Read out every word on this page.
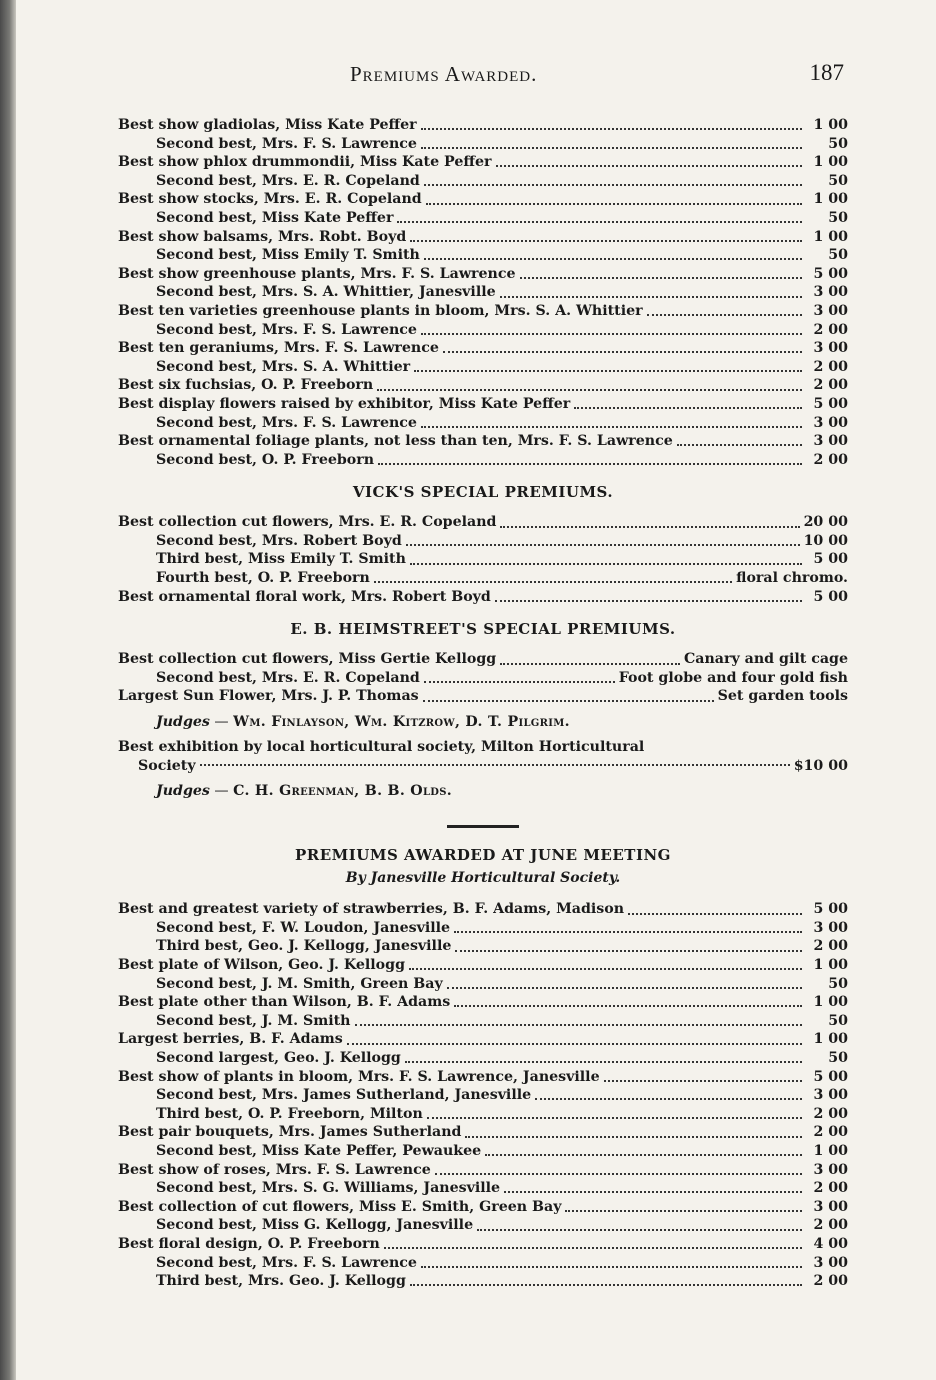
Premiums Awarded.	187
Best show gladiolas, Miss Kate Peffer	1 00
Second best, Mrs. F. S. Lawrence	50
Best show phlox drummondii, Miss Kate Peffer	1 00
Second best, Mrs. E. R. Copeland	50
Best show stocks, Mrs. E. R. Copeland	1 00
Second best, Miss Kate Peffer	50
Best show balsams, Mrs. Robt. Boyd	1 00
Second best, Miss Emily T. Smith	50
Best show greenhouse plants, Mrs. F. S. Lawrence	5 00
Second best, Mrs. S. A. Whittier, Janesville	3 00
Best ten varieties greenhouse plants in bloom, Mrs. S. A. Whittier	3 00
Second best, Mrs. F. S. Lawrence	2 00
Best ten geraniums, Mrs. F. S. Lawrence	3 00
Second best, Mrs. S. A. Whittier	2 00
Best six fuchsias, O. P. Freeborn	2 00
Best display flowers raised by exhibitor, Miss Kate Peffer	5 00
Second best, Mrs. F. S. Lawrence	3 00
Best ornamental foliage plants, not less than ten, Mrs. F. S. Lawrence	3 00
Second best, O. P. Freeborn	2 00
VICK'S SPECIAL PREMIUMS.
Best collection cut flowers, Mrs. E. R. Copeland	20 00
Second best, Mrs. Robert Boyd	10 00
Third best, Miss Emily T. Smith	5 00
Fourth best, O. P. Freeborn	floral chromo.
Best ornamental floral work, Mrs. Robert Boyd	5 00
E. B. HEIMSTREET'S SPECIAL PREMIUMS.
Best collection cut flowers, Miss Gertie Kellogg	Canary and gilt cage
Second best, Mrs. E. R. Copeland	Foot globe and four gold fish
Largest Sun Flower, Mrs. J. P. Thomas	Set garden tools
Judges — Wm. Finlayson, Wm. Kitzrow, D. T. Pilgrim.
Best exhibition by local horticultural society, Milton Horticultural
Society	$10 00
Judges — C. H. Greenman, B. B. Olds.
PREMIUMS AWARDED AT JUNE MEETING
By Janesville Horticultural Society.
Best and greatest variety of strawberries, B. F. Adams, Madison	5 00
Second best, F. W. Loudon, Janesville	3 00
Third best, Geo. J. Kellogg, Janesville	2 00
Best plate of Wilson, Geo. J. Kellogg	1 00
Second best, J. M. Smith, Green Bay	50
Best plate other than Wilson, B. F. Adams	1 00
Second best, J. M. Smith	50
Largest berries, B. F. Adams	1 00
Second largest, Geo. J. Kellogg	50
Best show of plants in bloom, Mrs. F. S. Lawrence, Janesville	5 00
Second best, Mrs. James Sutherland, Janesville	3 00
Third best, O. P. Freeborn, Milton	2 00
Best pair bouquets, Mrs. James Sutherland	2 00
Second best, Miss Kate Peffer, Pewaukee	1 00
Best show of roses, Mrs. F. S. Lawrence	3 00
Second best, Mrs. S. G. Williams, Janesville	2 00
Best collection of cut flowers, Miss E. Smith, Green Bay	3 00
Second best, Miss G. Kellogg, Janesville	2 00
Best floral design, O. P. Freeborn	4 00
Second best, Mrs. F. S. Lawrence	3 00
Third best, Mrs. Geo. J. Kellogg	2 00
